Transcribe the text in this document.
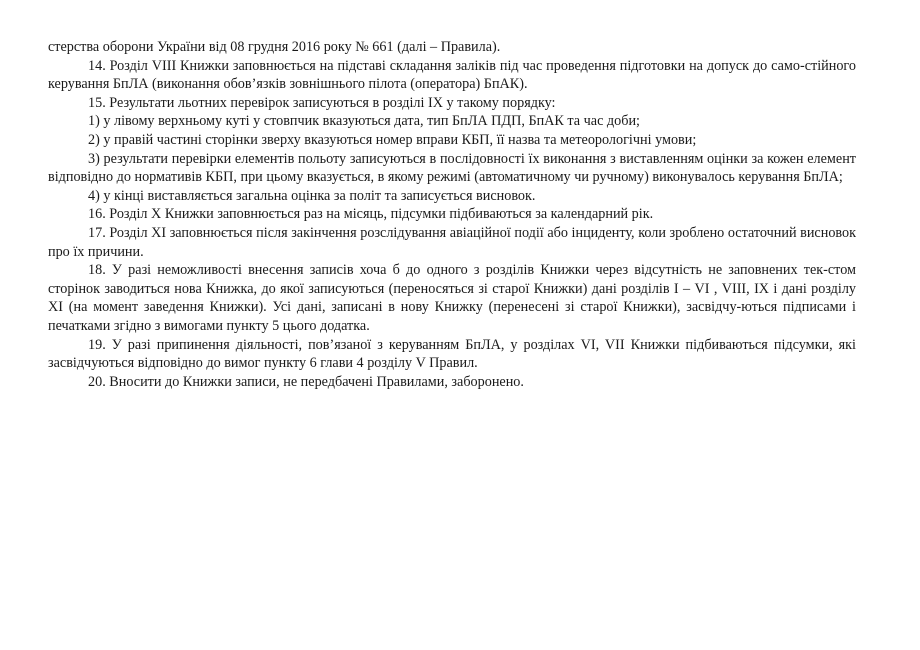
стерства оборони України від 08 грудня 2016 року № 661 (далі – Правила).

14. Розділ VIII Книжки заповнюється на підставі складання заліків під час проведення підготовки на допуск до само-стійного керування БпЛА (виконання обов’язків зовнішнього пілота (оператора) БпАК).

15. Результати льотних перевірок записуються в розділі ІХ у такому порядку:

1) у лівому верхньому куті у стовпчик вказуються дата, тип БпЛА ПДП, БпАК та час доби;

2) у правій частині сторінки зверху вказуються номер вправи КБП, її назва та метеорологічні умови;

3) результати перевірки елементів польоту записуються в послідовності їх виконання з виставленням оцінки за кожен елемент відповідно до нормативів КБП, при цьому вказується, в якому режимі (автоматичному чи ручному) виконувалось керування БпЛА;

4) у кінці виставляється загальна оцінка за політ та записується висновок.

16. Розділ Х Книжки заповнюється раз на місяць, підсумки підбиваються за календарний рік.

17. Розділ ХІ заповнюється після закінчення розслідування авіаційної події або інциденту, коли зроблено остаточний висновок про їх причини.

18. У разі неможливості внесення записів хоча б до одного з розділів Книжки через відсутність не заповнених тек-стом сторінок заводиться нова Книжка, до якої записуються (переносяться зі старої Книжки) дані розділів І – VІ , VІІІ, ІХ і дані розділу ХІ (на момент заведення Книжки). Усі дані, записані в нову Книжку (перенесені зі старої Книжки), засвідчу-ються підписами і печатками згідно з вимогами пункту 5 цього додатка.

19. У разі припинення діяльності, пов’язаної з керуванням БпЛА, у розділах VI, VII Книжки підбиваються підсумки, які засвідчуються відповідно до вимог пункту 6 глави 4 розділу V Правил.

20. Вносити до Книжки записи, не передбачені Правилами, заборонено.
